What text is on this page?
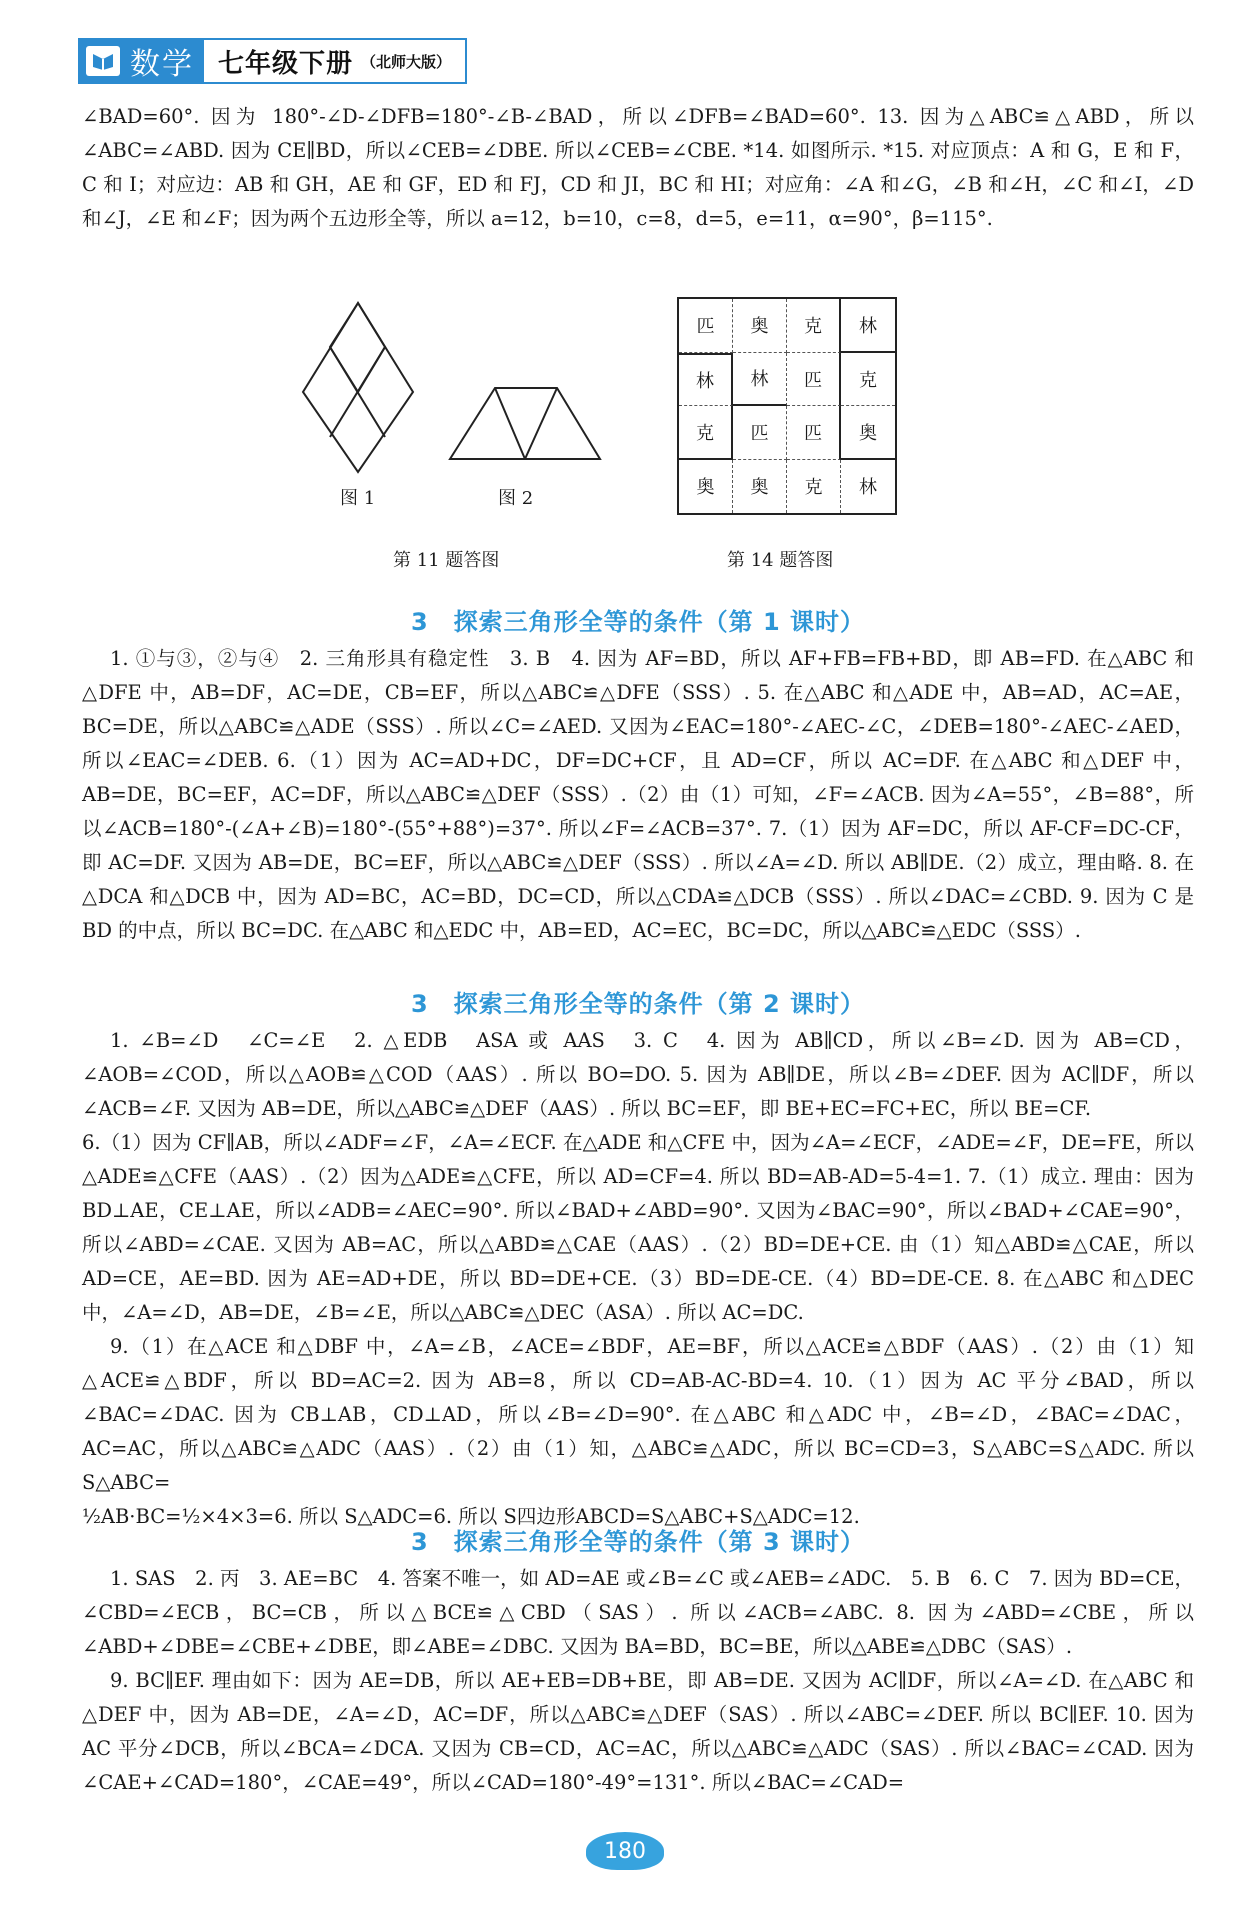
数学 七年级下册 （北师大版）

∠BAD=60°. 因为 180°-∠D-∠DFB=180°-∠B-∠BAD，所以∠DFB=∠BAD=60°. 13. 因为△ABC≌△ABD，所以∠ABC=∠ABD. 因为 CE∥BD，所以∠CEB=∠DBE. 所以∠CEB=∠CBE. *14. 如图所示. *15. 对应顶点：A 和 G，E 和 F，C 和 I；对应边：AB 和 GH，AE 和 GF，ED 和 FJ，CD 和 JI，BC 和 HI；对应角：∠A 和∠G，∠B 和∠H，∠C 和∠I，∠D 和∠J，∠E 和∠F；因为两个五边形全等，所以 a=12，b=10，c=8，d=5，e=11，α=90°，β=115°.

图 1	图 2
第 11 题答图	第 14 题答图
匹	奥	克	林
林	林	匹	克
克	匹	匹	奥
奥	奥	克	林

3　探索三角形全等的条件（第 1 课时）

1. ①与③，②与④　2. 三角形具有稳定性　3. B　4. 因为 AF=BD，所以 AF+FB=FB+BD，即 AB=FD. 在△ABC 和△DFE 中，AB=DF，AC=DE，CB=EF，所以△ABC≌△DFE（SSS）. 5. 在△ABC 和△ADE 中，AB=AD，AC=AE，BC=DE，所以△ABC≌△ADE（SSS）. 所以∠C=∠AED. 又因为∠EAC=180°-∠AEC-∠C，∠DEB=180°-∠AEC-∠AED，所以∠EAC=∠DEB. 6.（1）因为 AC=AD+DC，DF=DC+CF，且 AD=CF，所以 AC=DF. 在△ABC 和△DEF 中，AB=DE，BC=EF，AC=DF，所以△ABC≌△DEF（SSS）.（2）由（1）可知，∠F=∠ACB. 因为∠A=55°，∠B=88°，所以∠ACB=180°-(∠A+∠B)=180°-(55°+88°)=37°. 所以∠F=∠ACB=37°. 7.（1）因为 AF=DC，所以 AF-CF=DC-CF，即 AC=DF. 又因为 AB=DE，BC=EF，所以△ABC≌△DEF（SSS）. 所以∠A=∠D. 所以 AB∥DE.（2）成立，理由略. 8. 在△DCA 和△DCB 中，因为 AD=BC，AC=BD，DC=CD，所以△CDA≌△DCB（SSS）. 所以∠DAC=∠CBD. 9. 因为 C 是 BD 的中点，所以 BC=DC. 在△ABC 和△EDC 中，AB=ED，AC=EC，BC=DC，所以△ABC≌△EDC（SSS）.

3　探索三角形全等的条件（第 2 课时）

1. ∠B=∠D　∠C=∠E　2. △EDB　ASA 或 AAS　3. C　4. 因为 AB∥CD，所以∠B=∠D. 因为 AB=CD，∠AOB=∠COD，所以△AOB≌△COD（AAS）. 所以 BO=DO. 5. 因为 AB∥DE，所以∠B=∠DEF. 因为 AC∥DF，所以∠ACB=∠F. 又因为 AB=DE，所以△ABC≌△DEF（AAS）. 所以 BC=EF，即 BE+EC=FC+EC，所以 BE=CF.

6.（1）因为 CF∥AB，所以∠ADF=∠F，∠A=∠ECF. 在△ADE 和△CFE 中，因为∠A=∠ECF，∠ADE=∠F，DE=FE，所以△ADE≌△CFE（AAS）.（2）因为△ADE≌△CFE，所以 AD=CF=4. 所以 BD=AB-AD=5-4=1. 7.（1）成立. 理由：因为 BD⊥AE，CE⊥AE，所以∠ADB=∠AEC=90°. 所以∠BAD+∠ABD=90°. 又因为∠BAC=90°，所以∠BAD+∠CAE=90°，所以∠ABD=∠CAE. 又因为 AB=AC，所以△ABD≌△CAE（AAS）.（2）BD=DE+CE. 由（1）知△ABD≌△CAE，所以 AD=CE，AE=BD. 因为 AE=AD+DE，所以 BD=DE+CE.（3）BD=DE-CE.（4）BD=DE-CE. 8. 在△ABC 和△DEC 中，∠A=∠D，AB=DE，∠B=∠E，所以△ABC≌△DEC（ASA）. 所以 AC=DC.

9.（1）在△ACE 和△DBF 中，∠A=∠B，∠ACE=∠BDF，AE=BF，所以△ACE≌△BDF（AAS）.（2）由（1）知△ACE≌△BDF，所以 BD=AC=2. 因为 AB=8，所以 CD=AB-AC-BD=4. 10.（1）因为 AC 平分∠BAD，所以∠BAC=∠DAC. 因为 CB⊥AB，CD⊥AD，所以∠B=∠D=90°. 在△ABC 和△ADC 中，∠B=∠D，∠BAC=∠DAC，AC=AC，所以△ABC≌△ADC（AAS）.（2）由（1）知，△ABC≌△ADC，所以 BC=CD=3，S△ABC=S△ADC. 所以 S△ABC=

½AB·BC=½×4×3=6. 所以 S△ADC=6. 所以 S四边形ABCD=S△ABC+S△ADC=12.

3　探索三角形全等的条件（第 3 课时）

1. SAS　2. 丙　3. AE=BC　4. 答案不唯一，如 AD=AE 或∠B=∠C 或∠AEB=∠ADC.　5. B　6. C　7. 因为 BD=CE，∠CBD=∠ECB，BC=CB，所以△BCE≌△CBD（SAS）. 所以∠ACB=∠ABC. 8. 因为∠ABD=∠CBE，所以∠ABD+∠DBE=∠CBE+∠DBE，即∠ABE=∠DBC. 又因为 BA=BD，BC=BE，所以△ABE≌△DBC（SAS）.

9. BC∥EF. 理由如下：因为 AE=DB，所以 AE+EB=DB+BE，即 AB=DE. 又因为 AC∥DF，所以∠A=∠D. 在△ABC 和△DEF 中，因为 AB=DE，∠A=∠D，AC=DF，所以△ABC≌△DEF（SAS）. 所以∠ABC=∠DEF. 所以 BC∥EF. 10. 因为 AC 平分∠DCB，所以∠BCA=∠DCA. 又因为 CB=CD，AC=AC，所以△ABC≌△ADC（SAS）. 所以∠BAC=∠CAD. 因为∠CAE+∠CAD=180°，∠CAE=49°，所以∠CAD=180°-49°=131°. 所以∠BAC=∠CAD=

180
